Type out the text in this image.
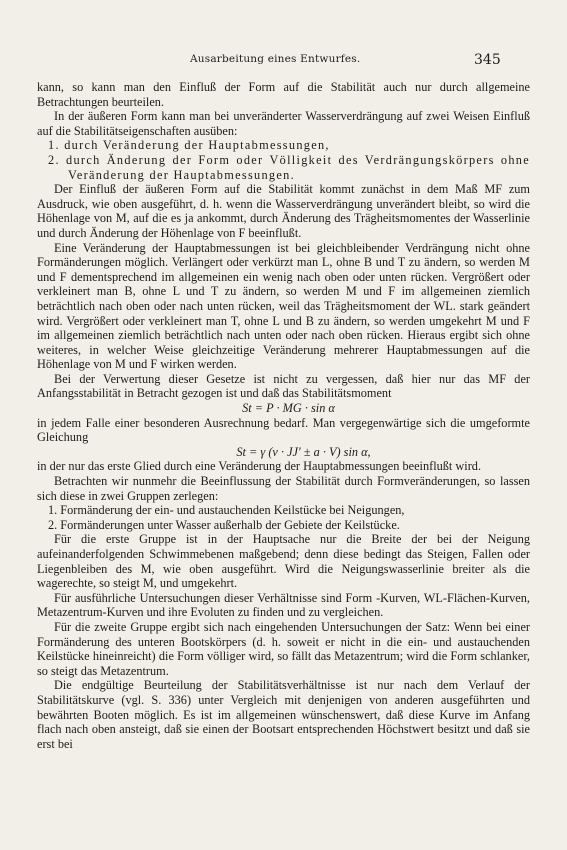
Ausarbeitung eines Entwurfes.	345

kann, so kann man den Einfluß der Form auf die Stabilität auch nur durch allgemeine Betrachtungen beurteilen.

In der äußeren Form kann man bei unveränderter Wasserverdrängung auf zwei Weisen Einfluß auf die Stabilitätseigenschaften ausüben:

1. durch Veränderung der Hauptabmessungen,

2. durch Änderung der Form oder Völligkeit des Verdrängungskörpers ohne Veränderung der Hauptabmessungen.

Der Einfluß der äußeren Form auf die Stabilität kommt zunächst in dem Maß MF zum Ausdruck, wie oben ausgeführt, d. h. wenn die Wasserverdrängung unverändert bleibt, so wird die Höhenlage von M, auf die es ja ankommt, durch Änderung des Trägheitsmomentes der Wasserlinie und durch Änderung der Höhenlage von F beeinflußt.

Eine Veränderung der Hauptabmessungen ist bei gleichbleibender Verdrängung nicht ohne Formänderungen möglich. Verlängert oder verkürzt man L, ohne B und T zu ändern, so werden M und F dementsprechend im allgemeinen ein wenig nach oben oder unten rücken. Vergrößert oder verkleinert man B, ohne L und T zu ändern, so werden M und F im allgemeinen ziemlich beträchtlich nach oben oder nach unten rücken, weil das Trägheitsmoment der WL. stark geändert wird. Vergrößert oder verkleinert man T, ohne L und B zu ändern, so werden umgekehrt M und F im allgemeinen ziemlich beträchtlich nach unten oder nach oben rücken. Hieraus ergibt sich ohne weiteres, in welcher Weise gleichzeitige Veränderung mehrerer Hauptabmessungen auf die Höhenlage von M und F wirken werden.

Bei der Verwertung dieser Gesetze ist nicht zu vergessen, daß hier nur das MF der Anfangsstabilität in Betracht gezogen ist und daß das Stabilitätsmoment

St = P · MG · sin α

in jedem Falle einer besonderen Ausrechnung bedarf. Man vergegenwärtige sich die umgeformte Gleichung

St = γ (v · JJ′ ± a · V) sin α,

in der nur das erste Glied durch eine Veränderung der Hauptabmessungen beeinflußt wird.

Betrachten wir nunmehr die Beeinflussung der Stabilität durch Formveränderungen, so lassen sich diese in zwei Gruppen zerlegen:

1. Formänderung der ein- und austauchenden Keilstücke bei Neigungen,

2. Formänderungen unter Wasser außerhalb der Gebiete der Keilstücke.

Für die erste Gruppe ist in der Hauptsache nur die Breite der bei der Neigung aufeinanderfolgenden Schwimmebenen maßgebend; denn diese bedingt das Steigen, Fallen oder Liegenbleiben des M, wie oben ausgeführt. Wird die Neigungswasserlinie breiter als die wagerechte, so steigt M, und umgekehrt.

Für ausführliche Untersuchungen dieser Verhältnisse sind Form -Kurven, WL-Flächen-Kurven, Metazentrum-Kurven und ihre Evoluten zu finden und zu vergleichen.

Für die zweite Gruppe ergibt sich nach eingehenden Untersuchungen der Satz: Wenn bei einer Formänderung des unteren Bootskörpers (d. h. soweit er nicht in die ein- und austauchenden Keilstücke hineinreicht) die Form völliger wird, so fällt das Metazentrum; wird die Form schlanker, so steigt das Metazentrum.

Die endgültige Beurteilung der Stabilitätsverhältnisse ist nur nach dem Verlauf der Stabilitätskurve (vgl. S. 336) unter Vergleich mit denjenigen von anderen ausgeführten und bewährten Booten möglich. Es ist im allgemeinen wünschenswert, daß diese Kurve im Anfang flach nach oben ansteigt, daß sie einen der Bootsart entsprechenden Höchstwert besitzt und daß sie erst bei
